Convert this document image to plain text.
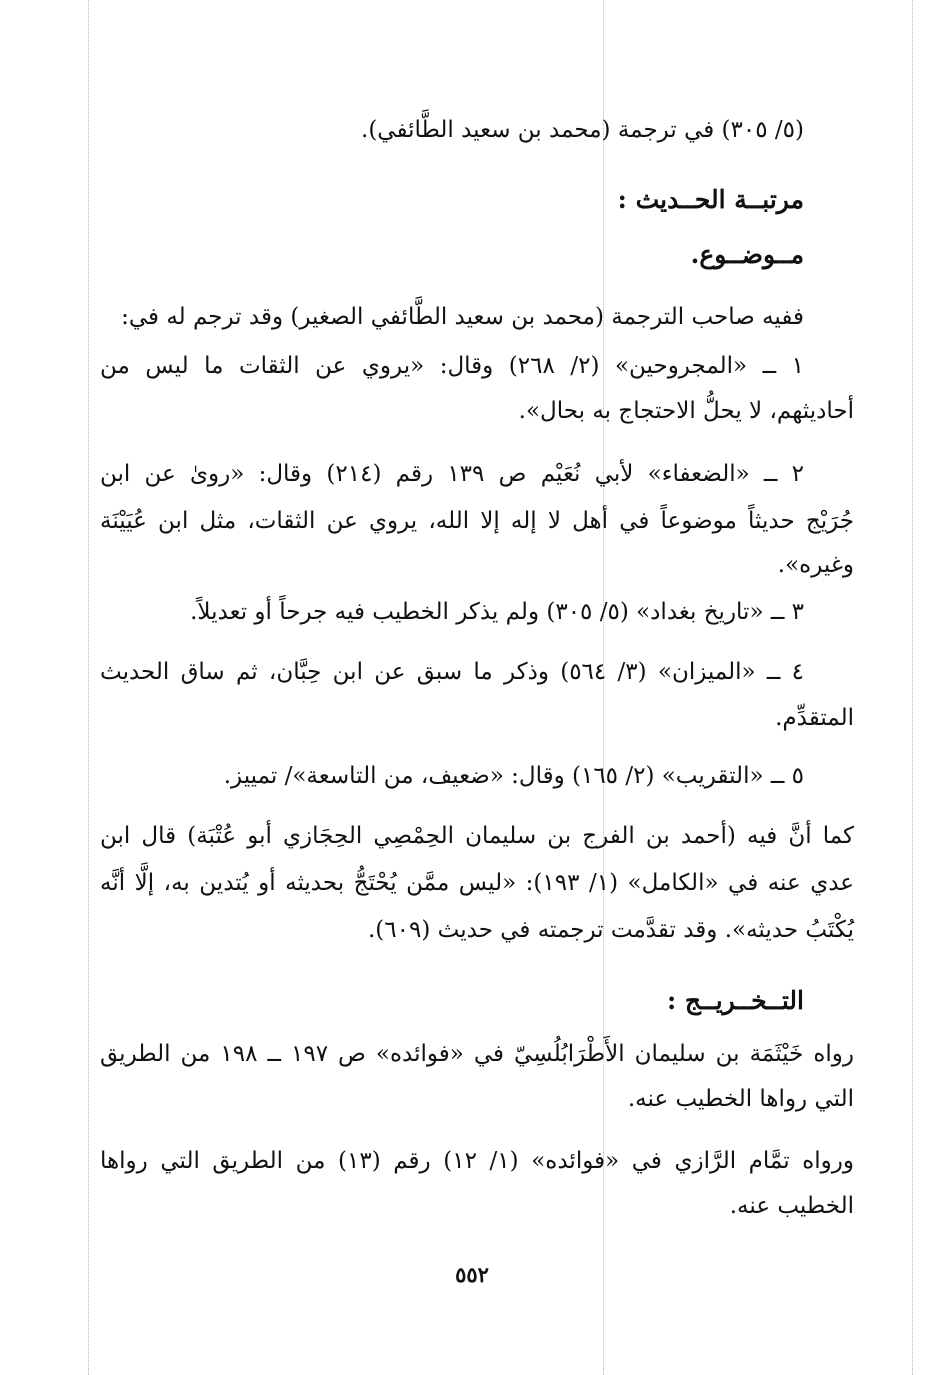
(٥/ ٣٠٥) في ترجمة (محمد بن سعيد الطَّائفي).
مرتبــة الحــديث :
مــوضــوع.
ففيه صاحب الترجمة (محمد بن سعيد الطَّائفي الصغير) وقد ترجم له في:
١ ــ «المجروحين» (٢/ ٢٦٨) وقال: «يروي عن الثقات ما ليس من
أحاديثهم، لا يحلُّ الاحتجاج به بحال».
٢ ــ «الضعفاء» لأبي نُعَيْم ص ١٣٩ رقم (٢١٤) وقال: «روىٰ عن ابن
جُرَيْج حديثاً موضوعاً في أهل لا إله إلا الله، يروي عن الثقات، مثل ابن عُيَيْنَة
وغيره».
٣ ــ «تاريخ بغداد» (٥/ ٣٠٥) ولم يذكر الخطيب فيه جرحاً أو تعديلاً.
٤ ــ «الميزان» (٣/ ٥٦٤) وذكر ما سبق عن ابن حِبَّان، ثم ساق الحديث
المتقدِّم.
٥ ــ «التقريب» (٢/ ١٦٥) وقال: «ضعيف، من التاسعة»/ تمييز.
كما أنَّ فيه (أحمد بن الفرج بن سليمان الحِمْصِي الحِجَازي أبو عُتْبَة) قال ابن
عدي عنه في «الكامل» (١/ ١٩٣): «ليس ممَّن يُحْتَجُّ بحديثه أو يُتدين به، إلَّا أنَّه
يُكْتَبُ حديثه». وقد تقدَّمت ترجمته في حديث (٦٠٩).
التــخــريــج :
رواه خَيْثَمَة بن سليمان الأَطْرَابُلُسِيّ في «فوائده» ص ١٩٧ ــ ١٩٨ من الطريق
التي رواها الخطيب عنه.
ورواه تمَّام الرَّازي في «فوائده» (١/ ١٢) رقم (١٣) من الطريق التي رواها
الخطيب عنه.
٥٥٢
